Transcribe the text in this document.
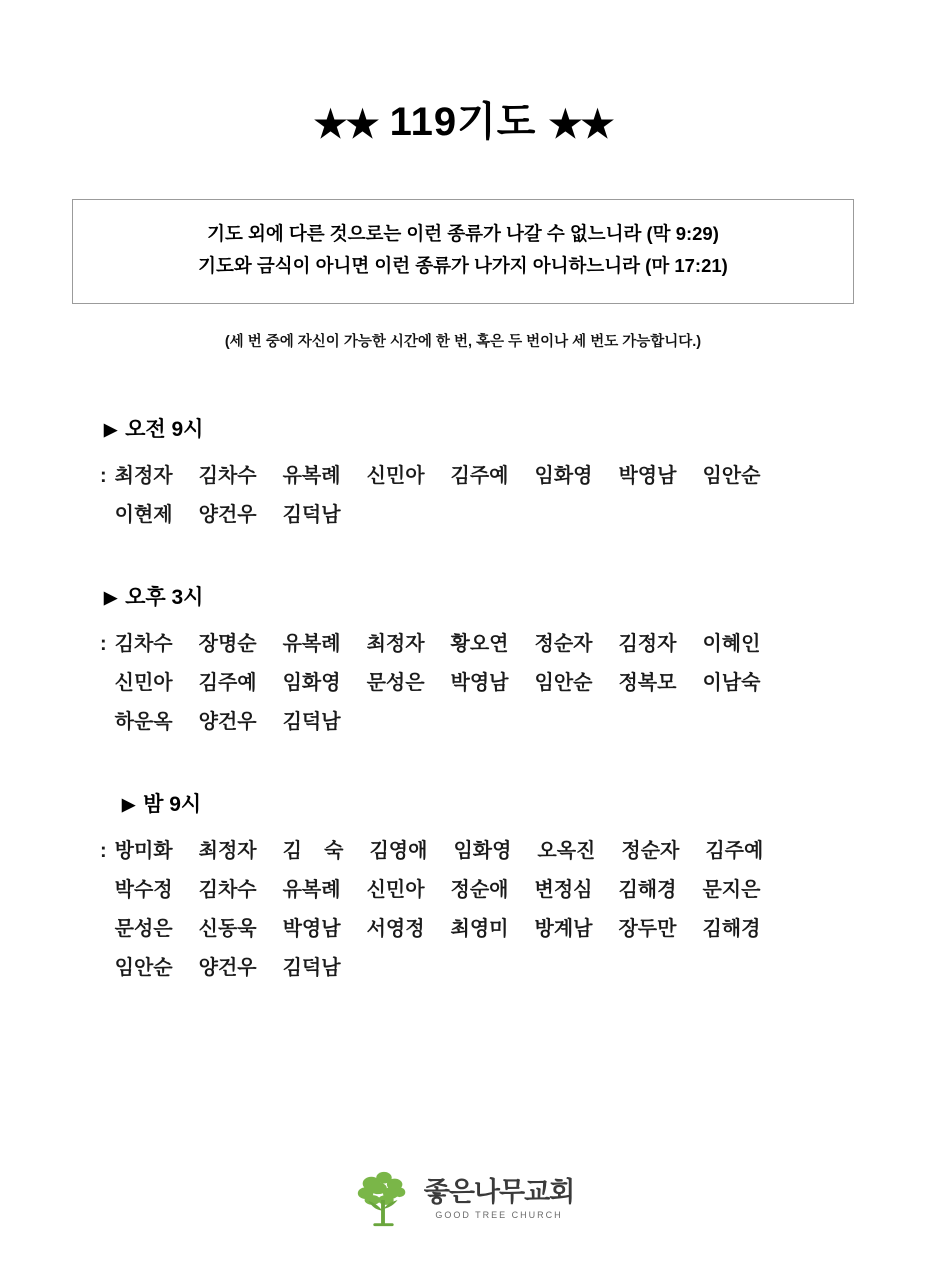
★★ 119기도 ★★
기도 외에 다른 것으로는 이런 종류가 나갈 수 없느니라 (막 9:29)
기도와 금식이 아니면 이런 종류가 나가지 아니하느니라 (마 17:21)
(세 번 중에 자신이 가능한 시간에 한 번, 혹은 두 번이나 세 번도 가능합니다.)
▶ 오전 9시
: 최정자 김차수 유복례 신민아 김주예 임화영 박영남 임안순
이현제 양건우 김덕남
▶ 오후 3시
: 김차수 장명순 유복례 최정자 황오연 정순자 김정자 이혜인
신민아 김주예 임화영 문성은 박영남 임안순 정복모 이남숙
하운옥 양건우 김덕남
▶ 밤 9시
: 방미화 최정자 김    숙 김영애 임화영 오옥진 정순자 김주예
박수정 김차수 유복례 신민아 정순애 변정심 김해경 문지은
문성은 신동욱 박영남 서영정 최영미 방계남 장두만 김해경
임안순 양건우 김덕남
좋은나무교회
GOOD TREE CHURCH
